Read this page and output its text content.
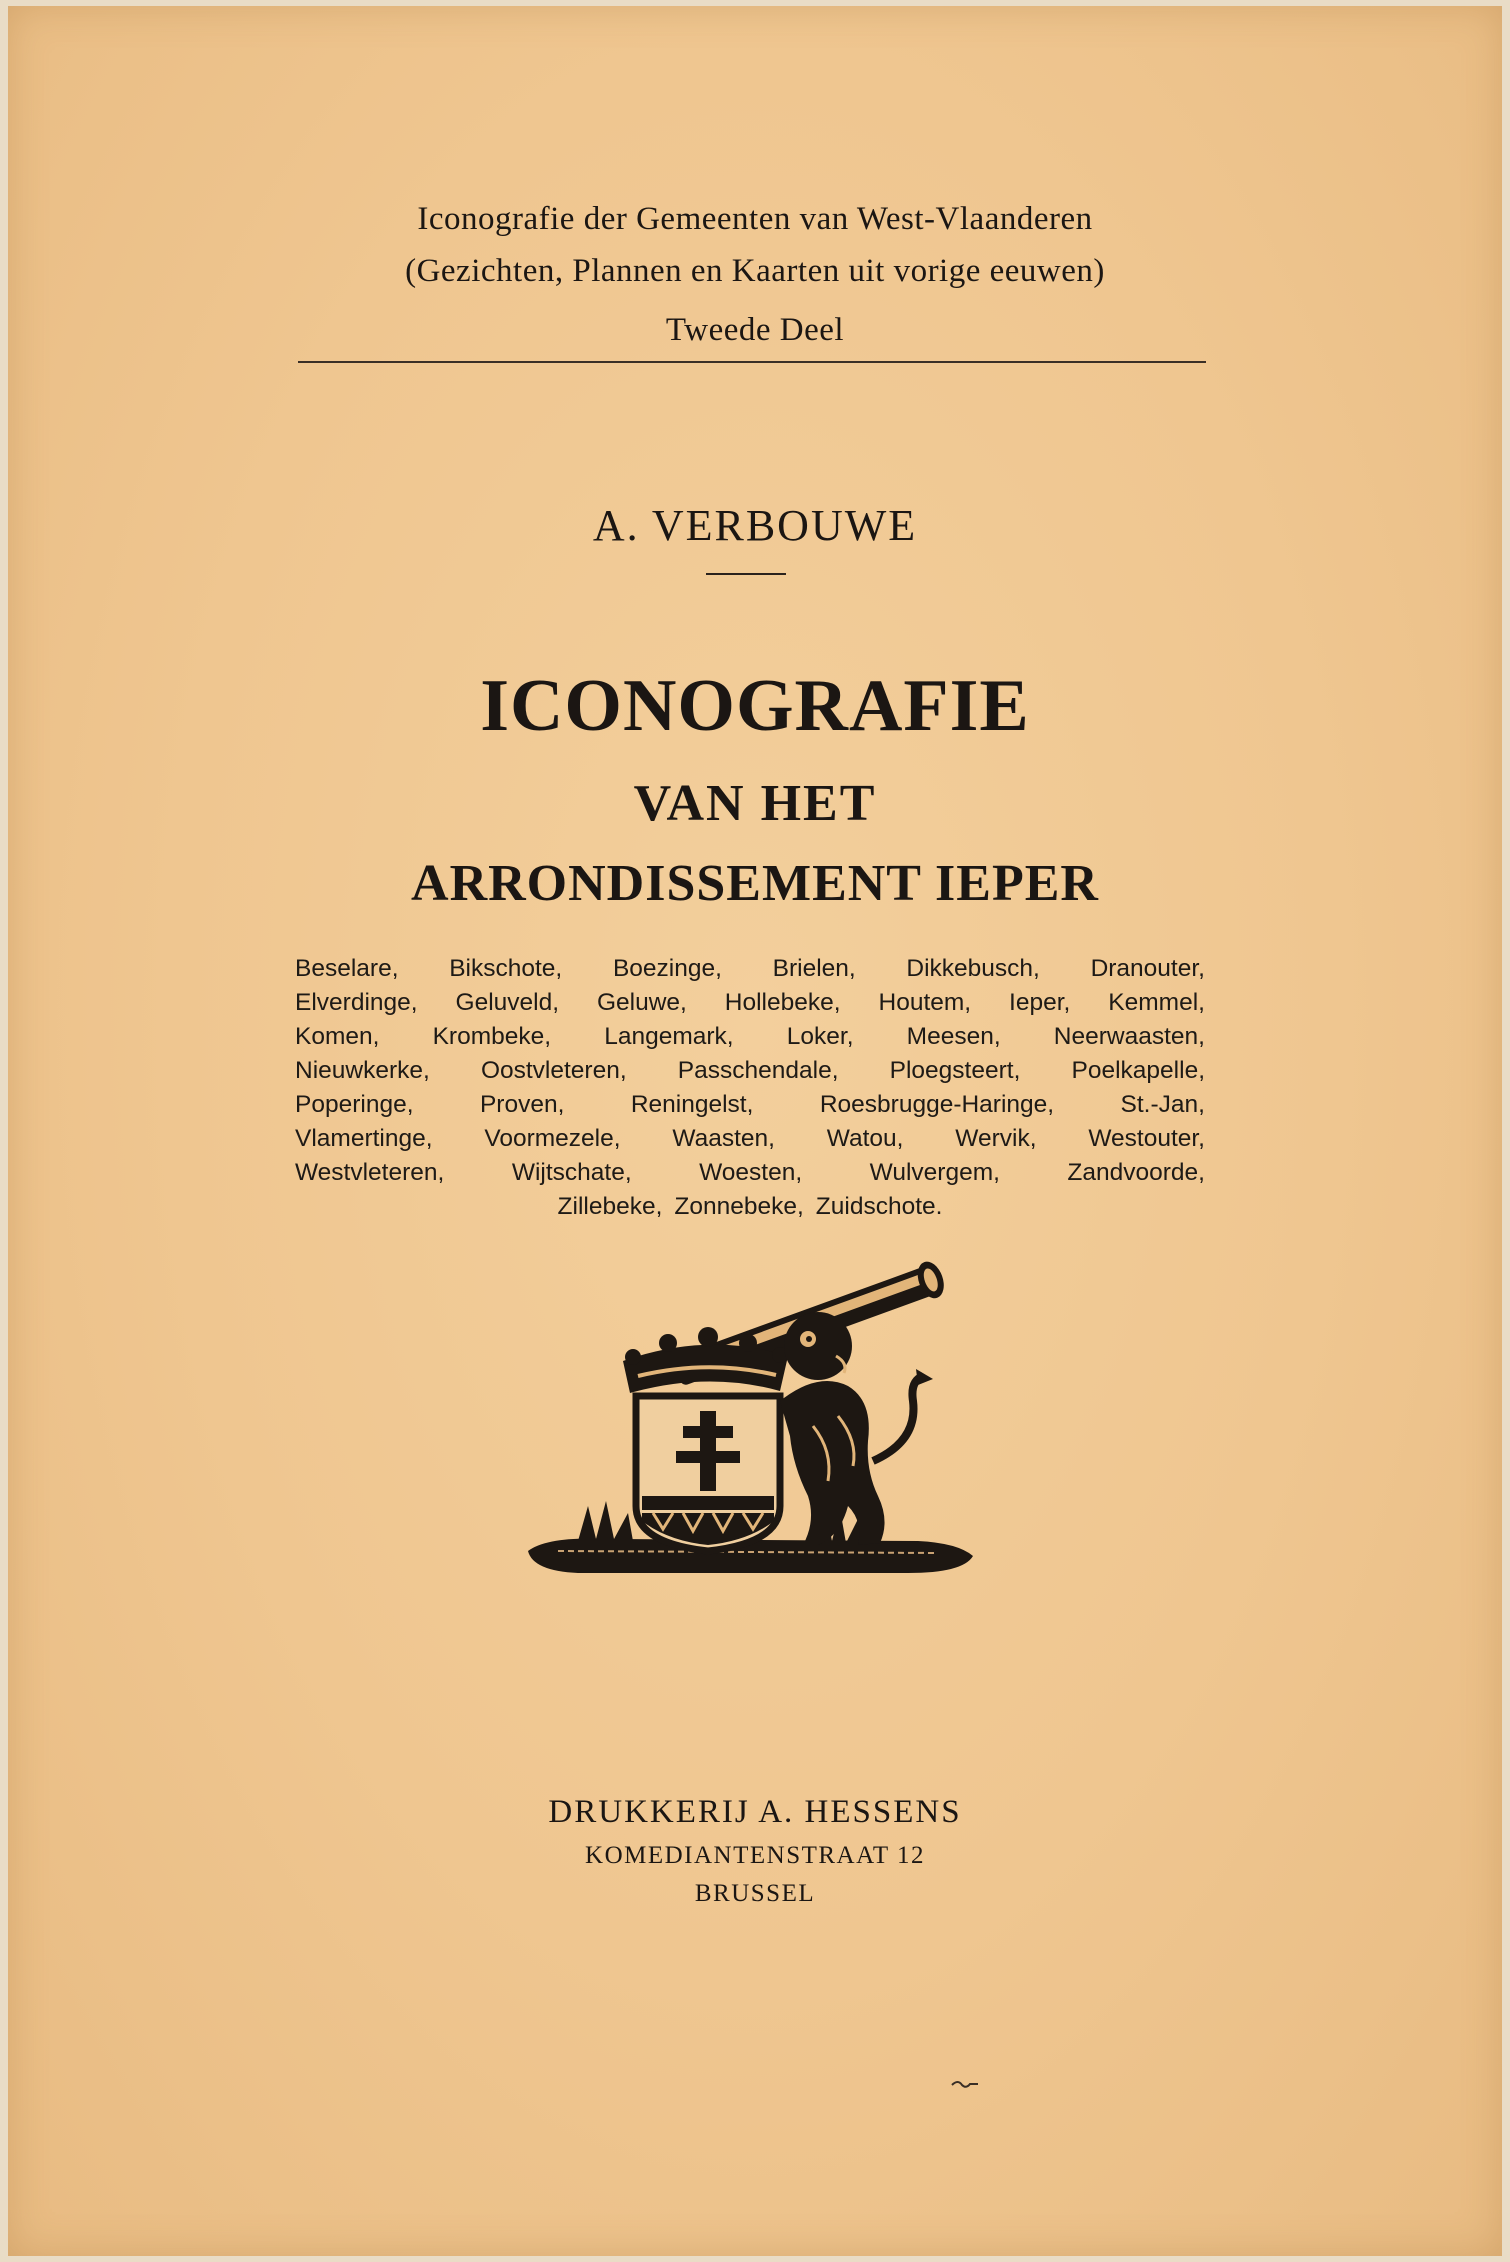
Iconografie der Gemeenten van West-Vlaanderen
(Gezichten, Plannen en Kaarten uit vorige eeuwen)
Tweede Deel
A. VERBOUWE
ICONOGRAFIE
VAN HET
ARRONDISSEMENT IEPER
Beselare, Bikschote, Boezinge, Brielen, Dikkebusch, Dranouter,
Elverdinge, Geluveld, Geluwe, Hollebeke, Houtem, Ieper, Kemmel,
Komen, Krombeke, Langemark, Loker, Meesen, Neerwaasten,
Nieuwkerke, Oostvleteren, Passchendale, Ploegsteert, Poelkapelle,
Poperinge,	Proven,	Reningelst,	Roesbrugge-Haringe,	St.-Jan,
Vlamertinge, Voormezele, Waasten, Watou, Wervik, Westouter,
Westvleteren,	Wijtschate,	Woesten,	Wulvergem,	Zandvoorde,
Zillebeke, Zonnebeke, Zuidschote.
DRUKKERIJ A. HESSENS
KOMEDIANTENSTRAAT 12
BRUSSEL
